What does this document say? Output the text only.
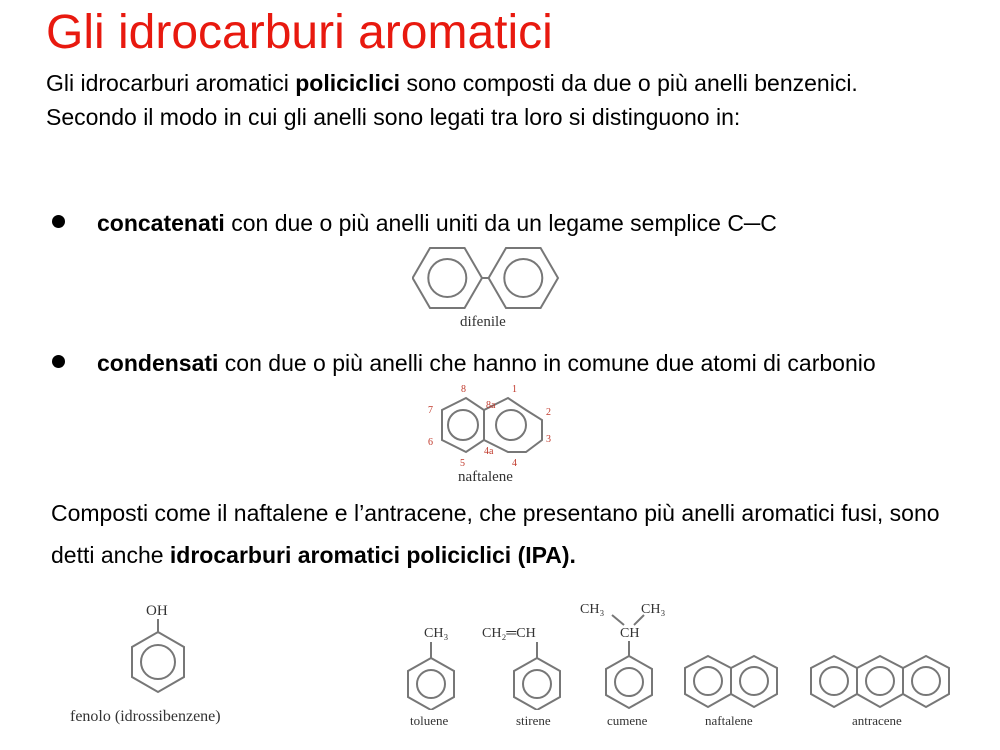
Gli idrocarburi aromatici

Gli idrocarburi aromatici policiclici sono composti da due o più anelli benzenici. Secondo il modo in cui gli anelli sono legati tra loro si distinguono in:

concatenati con due o più anelli uniti da un legame semplice C─C
difenile
condensati con due o più anelli che hanno in comune due atomi di carbonio
8	1
8a
7	2
6	3
4a
5	4
naftalene

Composti come il naftalene e l’antracene, che presentano più anelli aromatici fusi, sono detti anche idrocarburi aromatici policiclici (IPA).

OH
fenolo (idrossibenzene)
CH₃
toluene
CH₂═CH
stirene
CH₃	CH₃
CH
cumene	naftalene	antracene
